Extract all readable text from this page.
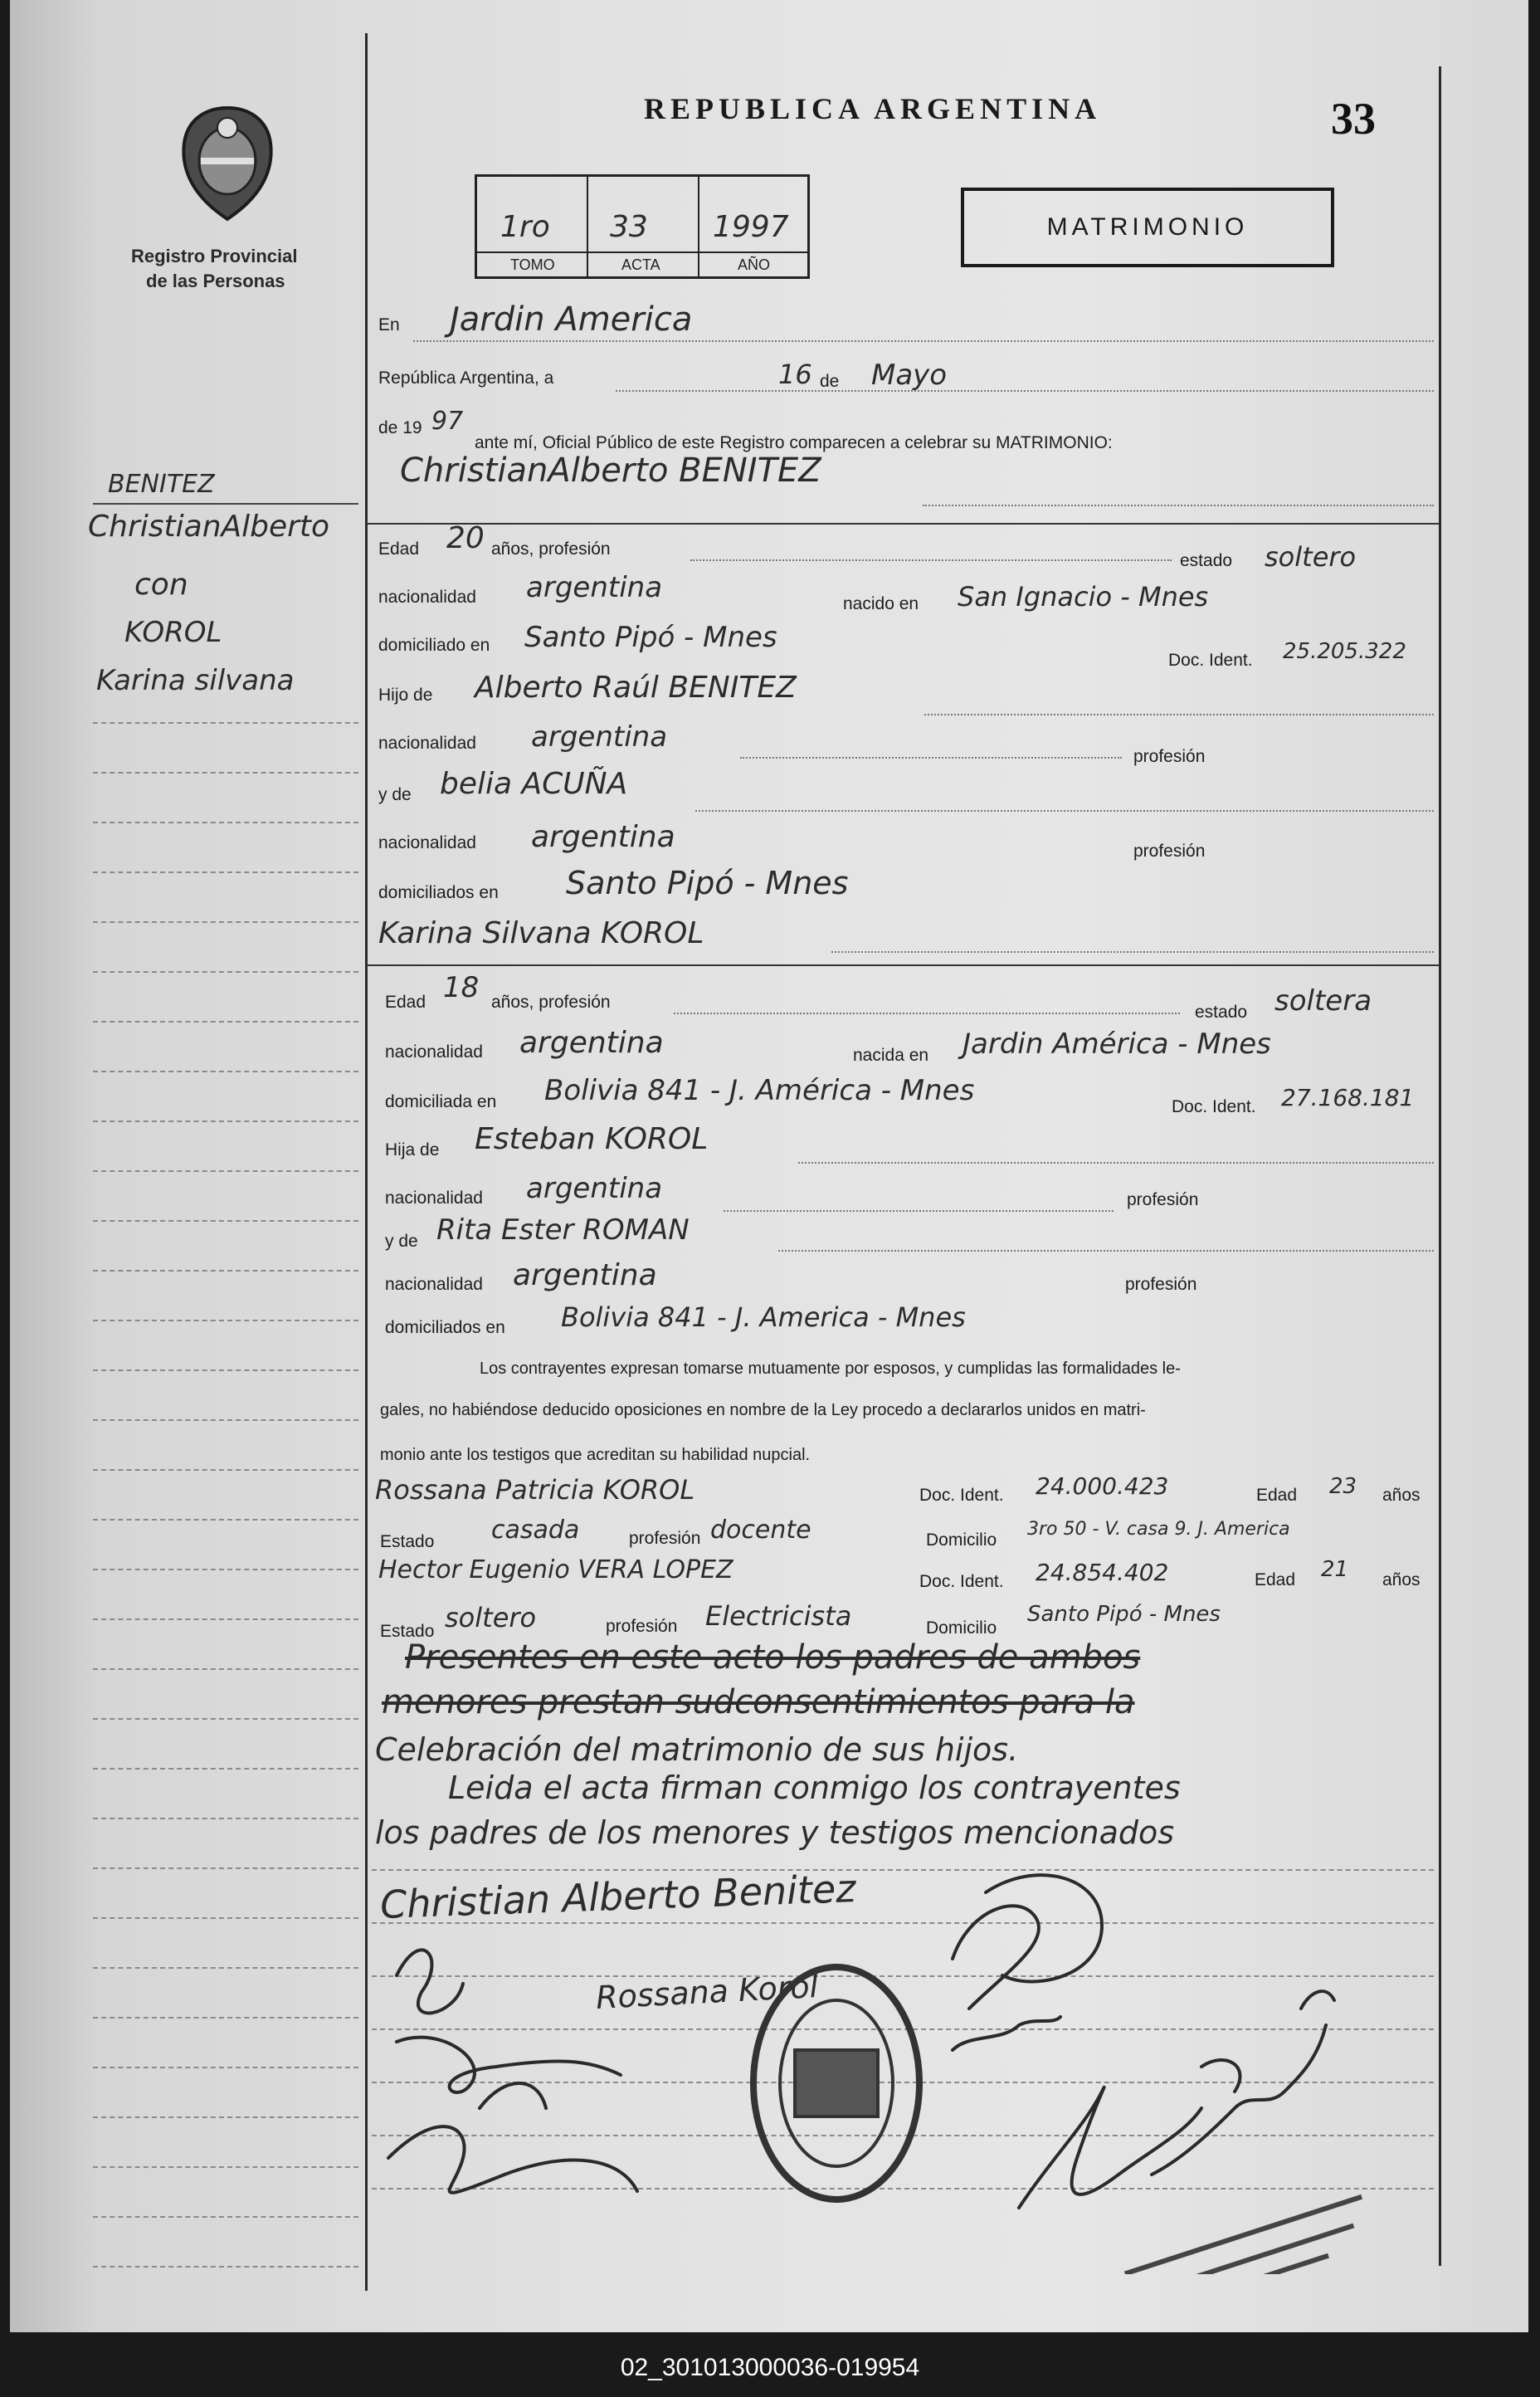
Registro Provincial
de las Personas
REPUBLICA ARGENTINA	33
1ro 33 1997
TOMO	ACTA	AÑO
MATRIMONIO
En Jardin America
República Argentina, a	16 de Mayo
de 19 97
ante mí, Oficial Público de este Registro comparecen a celebrar su MATRIMONIO:
ChristianAlberto BENITEZ
Edad 20 años, profesión
estado soltero
nacionalidad argentina	nacido en San Ignacio - Mnes
domiciliado en Santo Pipó - Mnes
Doc. Ident. 25.205.322
Hijo de Alberto Raúl BENITEZ
nacionalidad argentina
profesión
y de belia ACUÑA
nacionalidad argentina	profesión
domiciliados en Santo Pipó - Mnes
Karina Silvana KOROL
Edad 18 años, profesión
estado soltera
nacionalidad argentina	nacida en Jardin América - Mnes
domiciliada en Bolivia 841 - J. América - Mnes	Doc. Ident. 27.168.181
Hija de Esteban KOROL
nacionalidad argentina	profesión
y de Rita Ester ROMAN
nacionalidad argentina	profesión
domiciliados en Bolivia 841 - J. America - Mnes
Los contrayentes expresan tomarse mutuamente por esposos, y cumplidas las formalidades le-
gales, no habiéndose deducido oposiciones en nombre de la Ley procedo a declararlos unidos en matri-
monio ante los testigos que acreditan su habilidad nupcial.
Rossana Patricia KOROL	Doc. Ident. 24.000.423	Edad 23 años
Estado casada	profesión docente	Domicilio
3ro 50 - V. casa 9. J. America
Hector Eugenio VERA LOPEZ	Doc. Ident. 24.854.402	Edad 21 años
Estado soltero	profesión Electricista	Domicilio
Santo Pipó - Mnes
Presentes en este acto los padres de ambos
menores prestan sudconsentimientos para la
Celebración del matrimonio de sus hijos.
Leida el acta firman conmigo los contrayentes
los padres de los menores y testigos mencionados
Christian Alberto Benitez
Rossana Korol
BENITEZ
ChristianAlberto
con
KOROL
Karina silvana
02_301013000036-019954
